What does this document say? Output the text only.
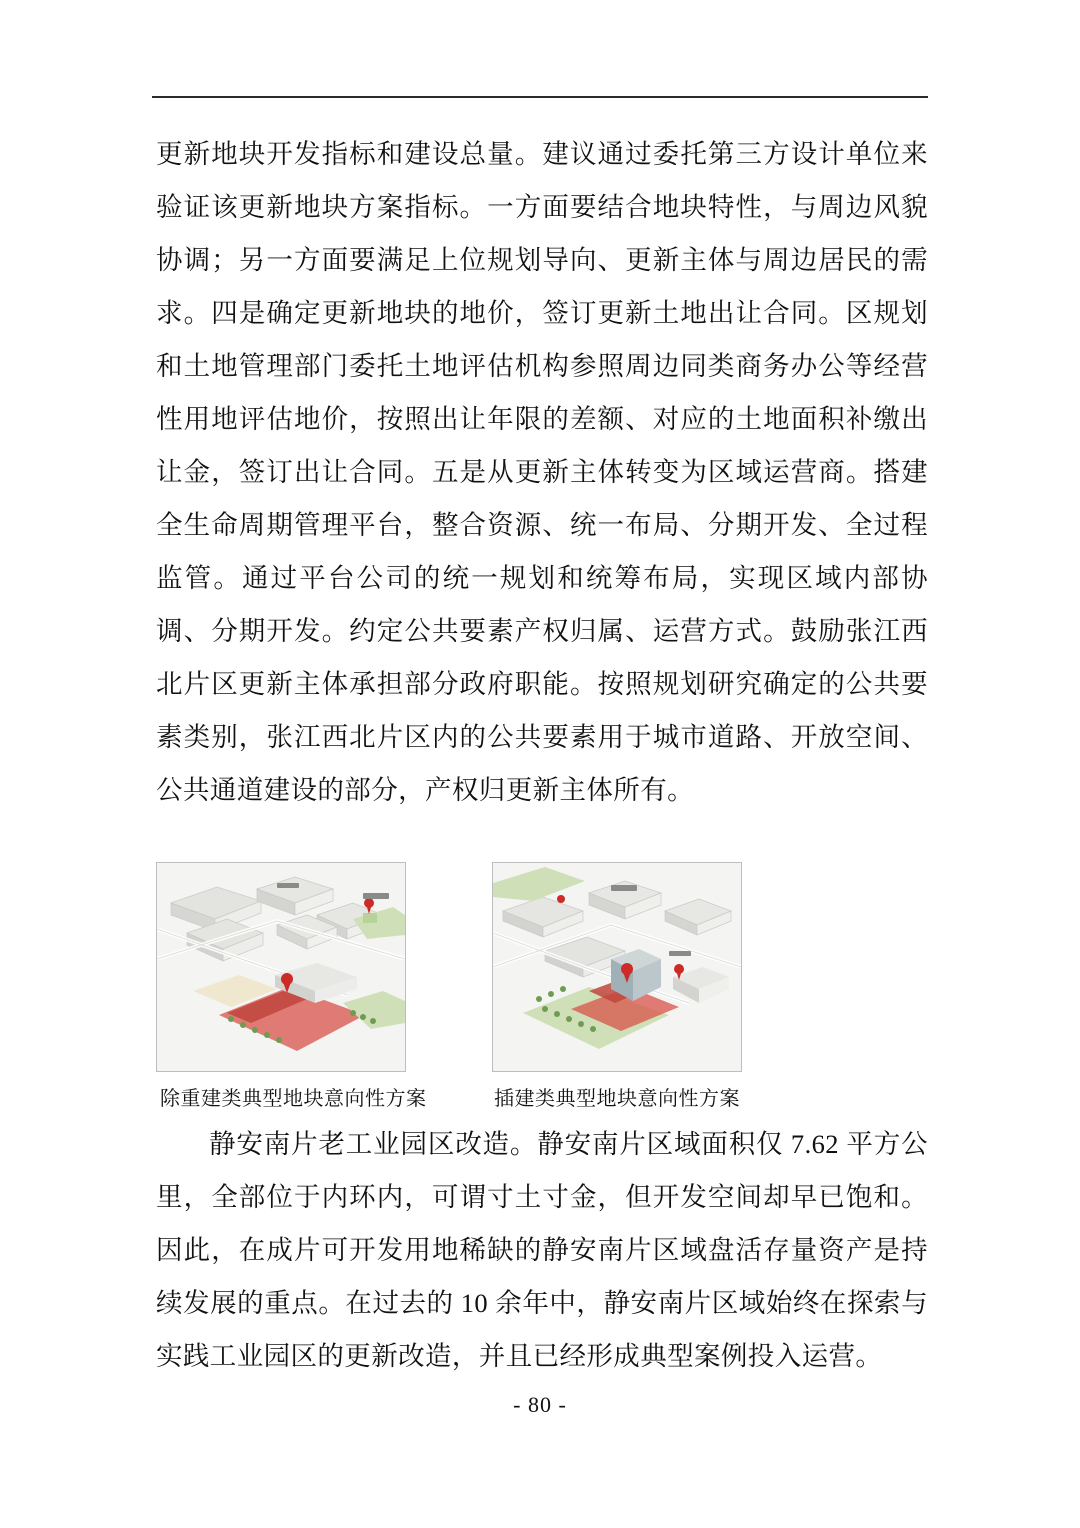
更新地块开发指标和建设总量。建议通过委托第三方设计单位来验证该更新地块方案指标。一方面要结合地块特性，与周边风貌协调；另一方面要满足上位规划导向、更新主体与周边居民的需求。四是确定更新地块的地价，签订更新土地出让合同。区规划和土地管理部门委托土地评估机构参照周边同类商务办公等经营性用地评估地价，按照出让年限的差额、对应的土地面积补缴出让金，签订出让合同。五是从更新主体转变为区域运营商。搭建全生命周期管理平台，整合资源、统一布局、分期开发、全过程监管。通过平台公司的统一规划和统筹布局，实现区域内部协调、分期开发。约定公共要素产权归属、运营方式。鼓励张江西北片区更新主体承担部分政府职能。按照规划研究确定的公共要素类别，张江西北片区内的公共要素用于城市道路、开放空间、公共通道建设的部分，产权归更新主体所有。

除重建类典型地块意向性方案	插建类典型地块意向性方案

静安南片老工业园区改造。静安南片区域面积仅 7.62 平方公里，全部位于内环内，可谓寸土寸金，但开发空间却早已饱和。因此，在成片可开发用地稀缺的静安南片区域盘活存量资产是持续发展的重点。在过去的 10 余年中，静安南片区域始终在探索与实践工业园区的更新改造，并且已经形成典型案例投入运营。

- 80 -
